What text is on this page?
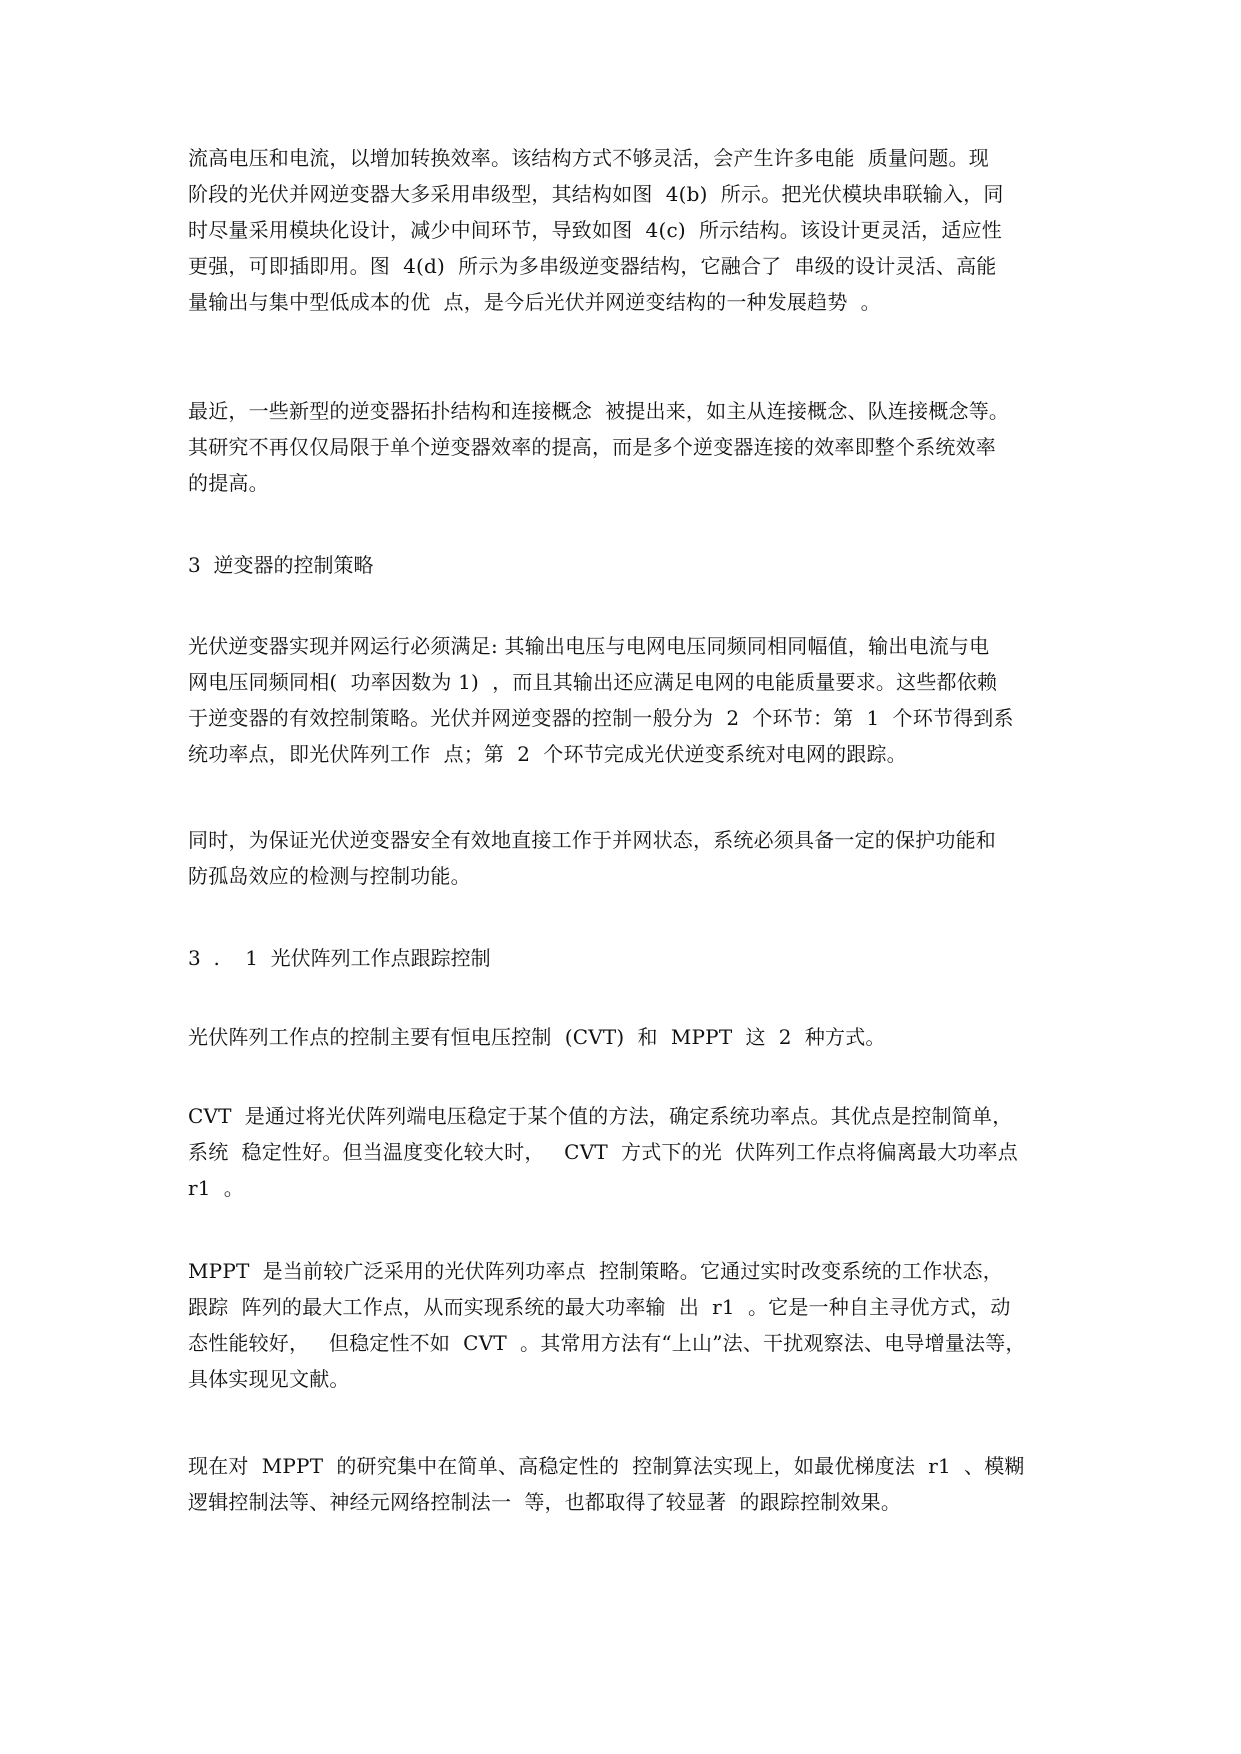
流高电压和电流，以增加转换效率。该结构方式不够灵活，会产生许多电能  质量问题。现
阶段的光伏并网逆变器大多采用串级型，其结构如图  4(b)  所示。把光伏模块串联输入，同
时尽量采用模块化设计，减少中间环节，导致如图  4(c)  所示结构。该设计更灵活，适应性
更强，可即插即用。图  4(d)  所示为多串级逆变器结构，它融合了  串级的设计灵活、高能
量输出与集中型低成本的优  点，是今后光伏并网逆变结构的一种发展趋势  。
最近，一些新型的逆变器拓扑结构和连接概念  被提出来，如主从连接概念、队连接概念等。
其研究不再仅仅局限于单个逆变器效率的提高，而是多个逆变器连接的效率即整个系统效率
的提高。
3  逆变器的控制策略
光伏逆变器实现并网运行必须满足: 其输出电压与电网电压同频同相同幅值，输出电流与电
网电压同频同相(  功率因数为 1)  ，而且其输出还应满足电网的电能质量要求。这些都依赖
于逆变器的有效控制策略。光伏并网逆变器的控制一般分为  2  个环节：第  1  个环节得到系
统功率点，即光伏阵列工作  点；第  2  个环节完成光伏逆变系统对电网的跟踪。
同时，为保证光伏逆变器安全有效地直接工作于并网状态，系统必须具备一定的保护功能和
防孤岛效应的检测与控制功能。
3  .    1  光伏阵列工作点跟踪控制
光伏阵列工作点的控制主要有恒电压控制  (CVT)  和  MPPT  这  2  种方式。
CVT  是通过将光伏阵列端电压稳定于某个值的方法，确定系统功率点。其优点是控制简单，
系统  稳定性好。但当温度变化较大时，   CVT  方式下的光  伏阵列工作点将偏离最大功率点
r1  。
MPPT  是当前较广泛采用的光伏阵列功率点  控制策略。它通过实时改变系统的工作状态，
跟踪  阵列的最大工作点，从而实现系统的最大功率输  出  r1  。它是一种自主寻优方式，动
态性能较好，   但稳定性不如  CVT  。其常用方法有“上山”法、干扰观察法、电导增量法等，
具体实现见文献。
现在对  MPPT  的研究集中在简单、高稳定性的  控制算法实现上，如最优梯度法  r1  、模糊
逻辑控制法等、神经元网络控制法一  等，也都取得了较显著  的跟踪控制效果。
